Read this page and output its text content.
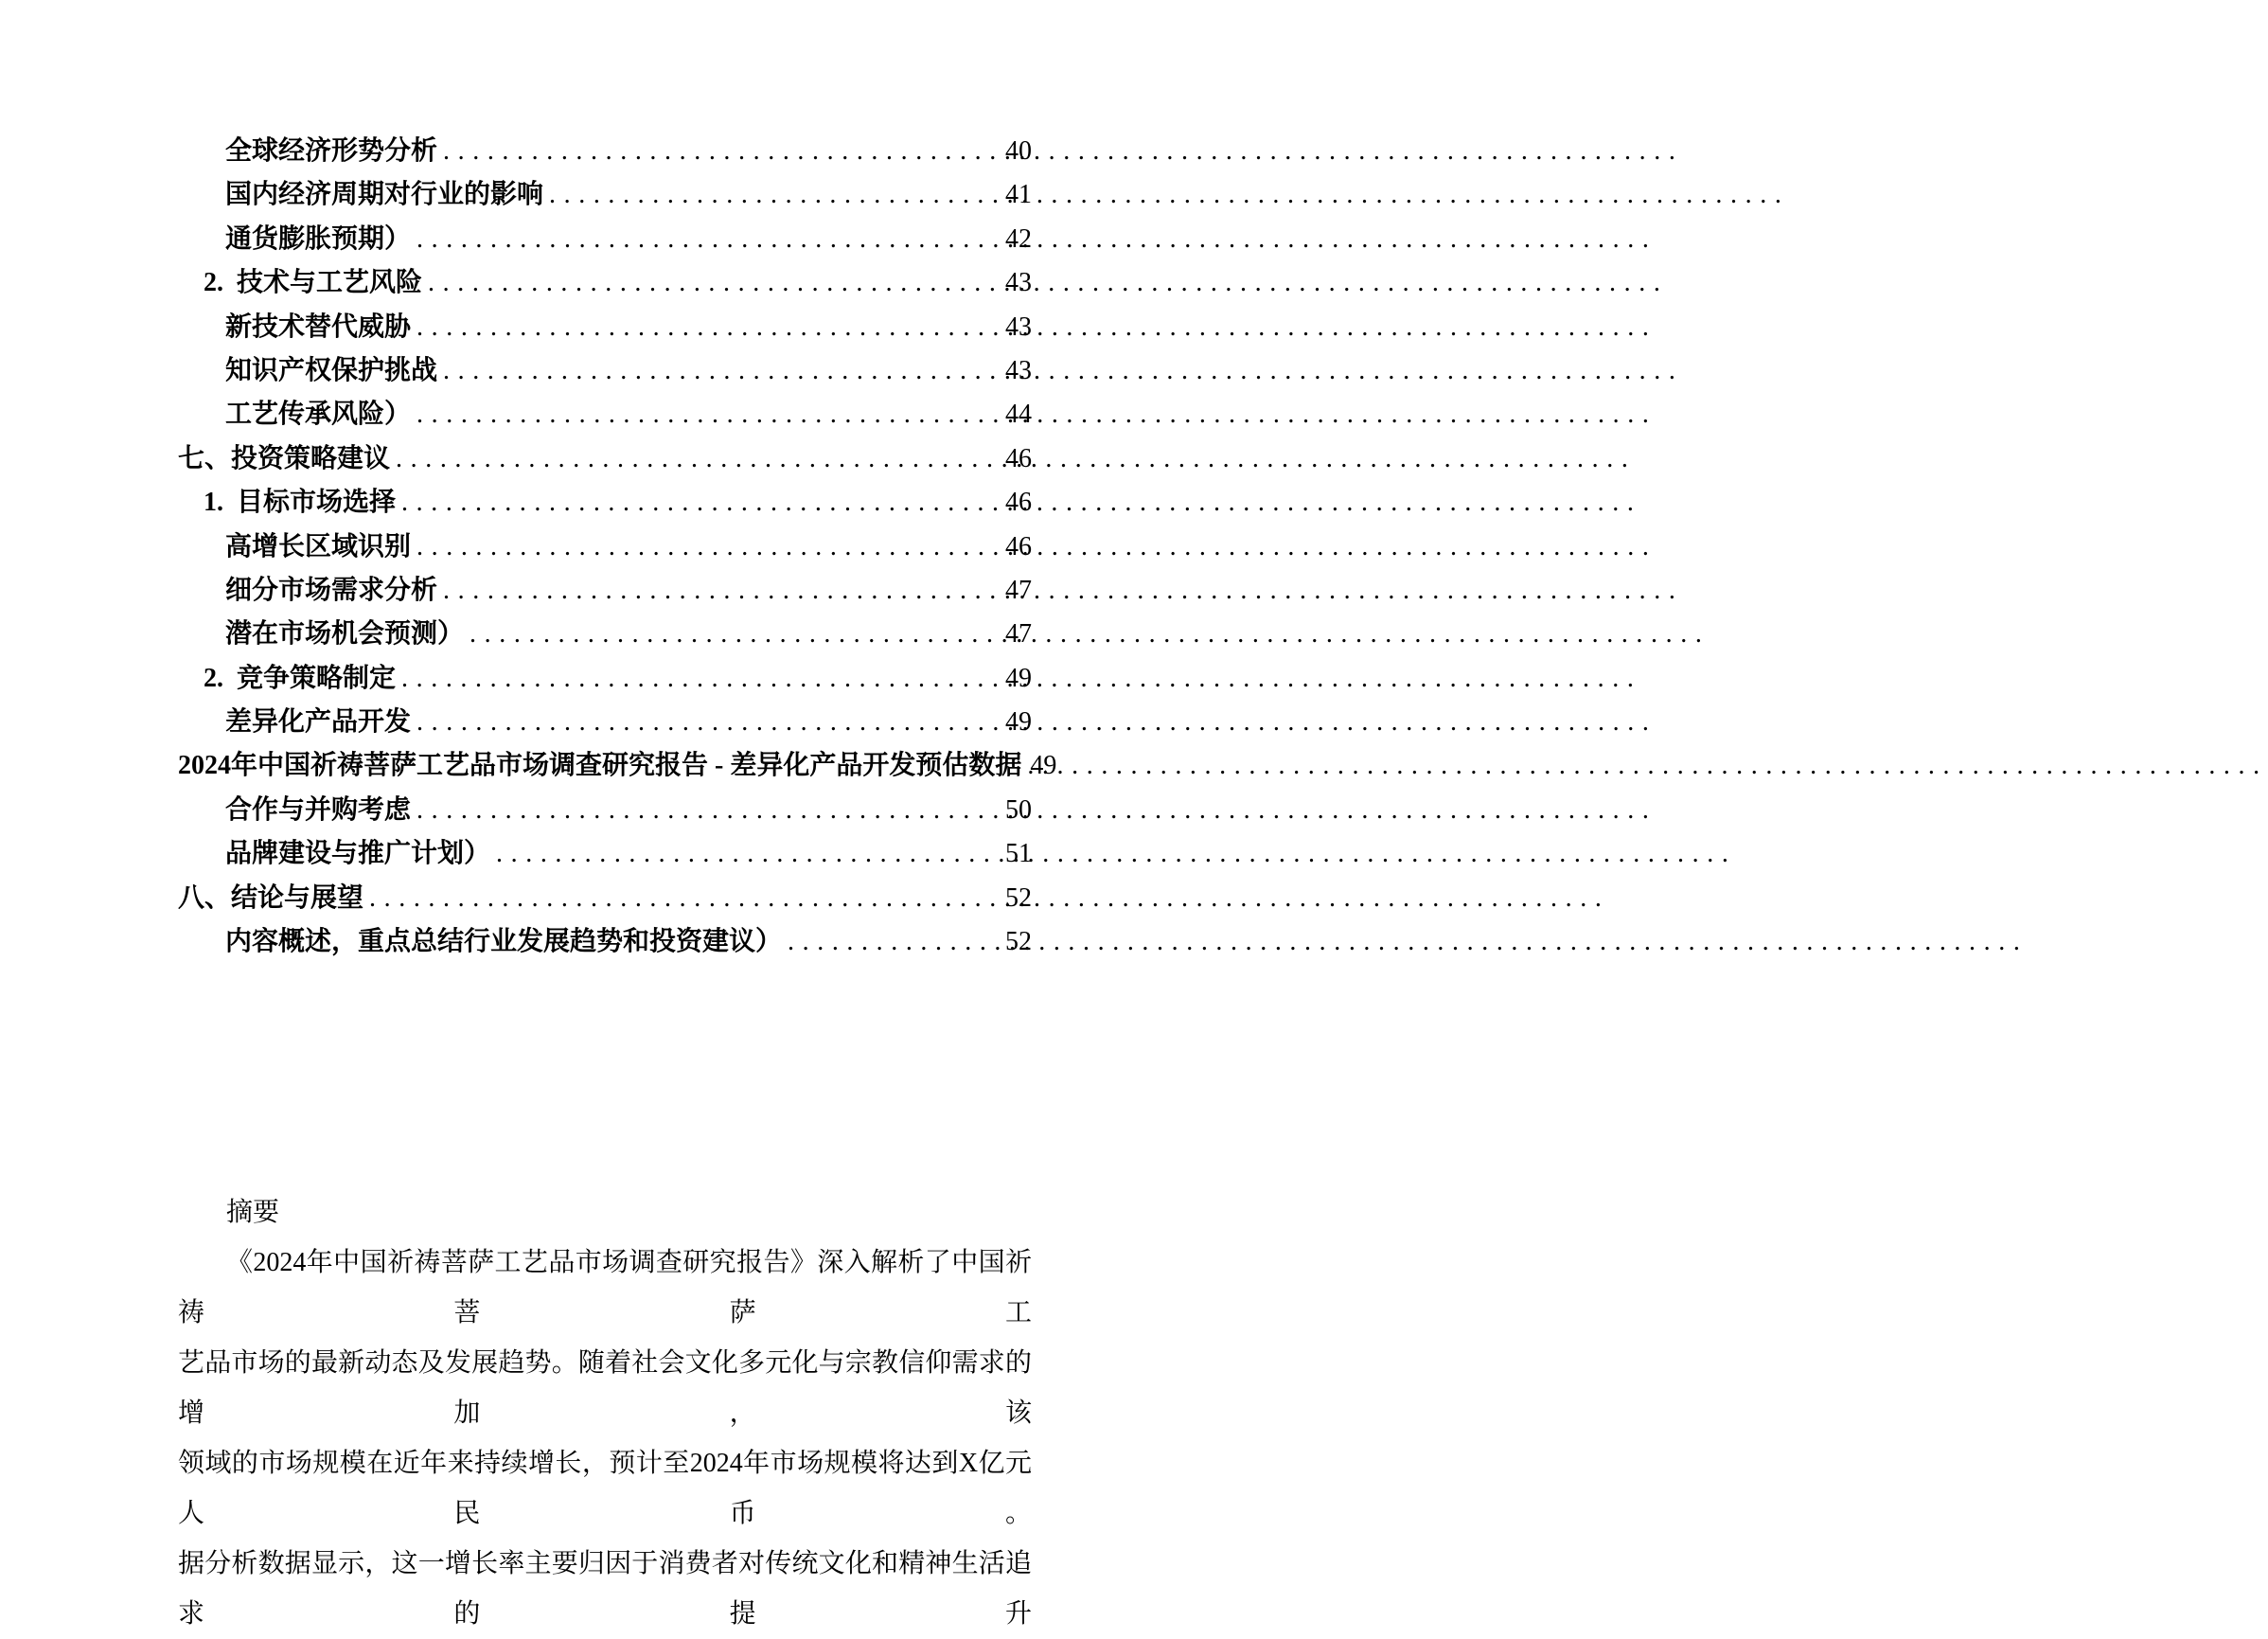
全球经济形势分析 .....	40
国内经济周期对行业的影响 .....	41
通货膨胀预期） .....	42
2.  技术与工艺风险 .....	43
新技术替代威胁 .....	43
知识产权保护挑战 .....	43
工艺传承风险） .....	44
七、投资策略建议 .....	46
1.  目标市场选择 .....	46
高增长区域识别 .....	46
细分市场需求分析 .....	47
潜在市场机会预测） .....	47
2.  竞争策略制定 .....	49
差异化产品开发 .....	49
2024年中国祈祷菩萨工艺品市场调查研究报告 - 差异化产品开发预估数据 ..... 49
合作与并购考虑 .....	50
品牌建设与推广计划） .....	51
八、结论与展望 .....	52
内容概述，重点总结行业发展趋势和投资建议） .....	52
摘要
《2024年中国祈祷菩萨工艺品市场调查研究报告》深入解析了中国祈祷菩萨工
艺品市场的最新动态及发展趋势。随着社会文化多元化与宗教信仰需求的增加，该
领域的市场规模在近年来持续增长，预计至2024年市场规模将达到X亿元人民币。
据分析数据显示，这一增长率主要归因于消费者对传统文化和精神生活追求的提升
